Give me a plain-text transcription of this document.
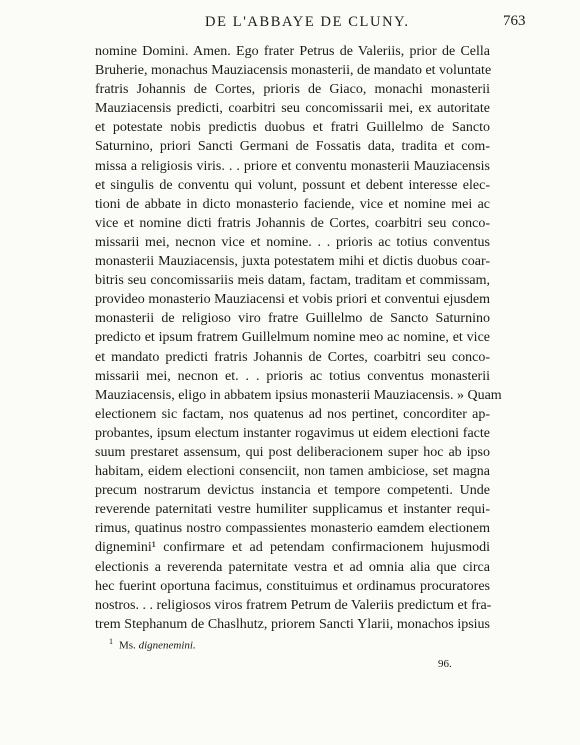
DE L'ABBAYE DE CLUNY.	763
nomine Domini. Amen. Ego frater Petrus de Valeriis, prior de Cella
Bruherie, monachus Mauziacensis monasterii, de mandato et voluntate
fratris Johannis de Cortes, prioris de Giaco, monachi monasterii
Mauziacensis predicti, coarbitri seu concomissarii mei, ex autoritate
et potestate nobis predictis duobus et fratri Guillelmo de Sancto
Saturnino, priori Sancti Germani de Fossatis data, tradita et com-
missa a religiosis viris. . . priore et conventu monasterii Mauziacensis
et singulis de conventu qui volunt, possunt et debent interesse elec-
tioni de abbate in dicto monasterio faciende, vice et nomine mei ac
vice et nomine dicti fratris Johannis de Cortes, coarbitri seu conco-
missarii mei, necnon vice et nomine. . . prioris ac totius conventus
monasterii Mauziacensis, juxta potestatem mihi et dictis duobus coar-
bitris seu concomissariis meis datam, factam, traditam et commissam,
provideo monasterio Mauziacensi et vobis priori et conventui ejusdem
monasterii de religioso viro fratre Guillelmo de Sancto Saturnino
predicto et ipsum fratrem Guillelmum nomine meo ac nomine, et vice
et mandato predicti fratris Johannis de Cortes, coarbitri seu conco-
missarii mei, necnon et. . . prioris ac totius conventus monasterii
Mauziacensis, eligo in abbatem ipsius monasterii Mauziacensis. » Quam
electionem sic factam, nos quatenus ad nos pertinet, concorditer ap-
probantes, ipsum electum instanter rogavimus ut eidem electioni facte
suum prestaret assensum, qui post deliberacionem super hoc ab ipso
habitam, eidem electioni consenciit, non tamen ambiciose, set magna
precum nostrarum devictus instancia et tempore competenti. Unde
reverende paternitati vestre humiliter supplicamus et instanter requi-
rimus, quatinus nostro compassientes monasterio eamdem electionem
dignemini¹ confirmare et ad petendam confirmacionem hujusmodi
electionis a reverenda paternitate vestra et ad omnia alia que circa
hec fuerint oportuna facimus, constituimus et ordinamus procuratores
nostros. . . religiosos viros fratrem Petrum de Valeriis predictum et fra-
trem Stephanum de Chaslhutz, priorem Sancti Ylarii, monachos ipsius
$^1$ Ms. dignenemini.
96.
